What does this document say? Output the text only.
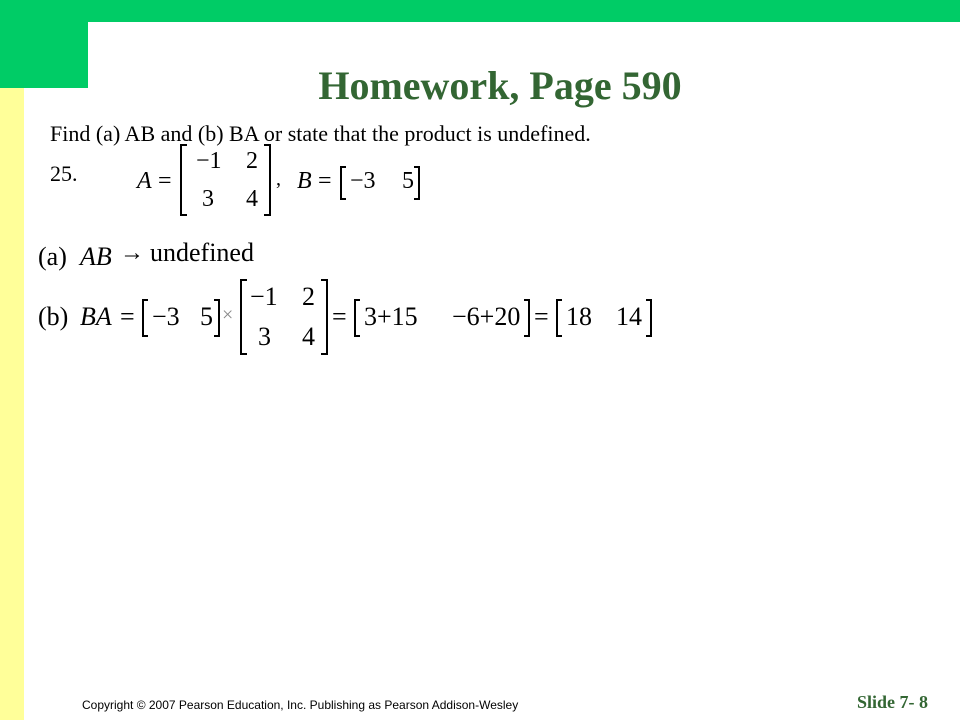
Homework, Page 590
Find (a) AB and (b) BA or state that the product is undefined.
25. A =
−1 2
3 4
, B = −3 5
(a) AB → undefined
(b) BA = −3 5 ×
−1 2
3 4
= 3+15 −6+20 = 18 14
Copyright © 2007 Pearson Education, Inc. Publishing as Pearson Addison-Wesley	Slide 7- 8
